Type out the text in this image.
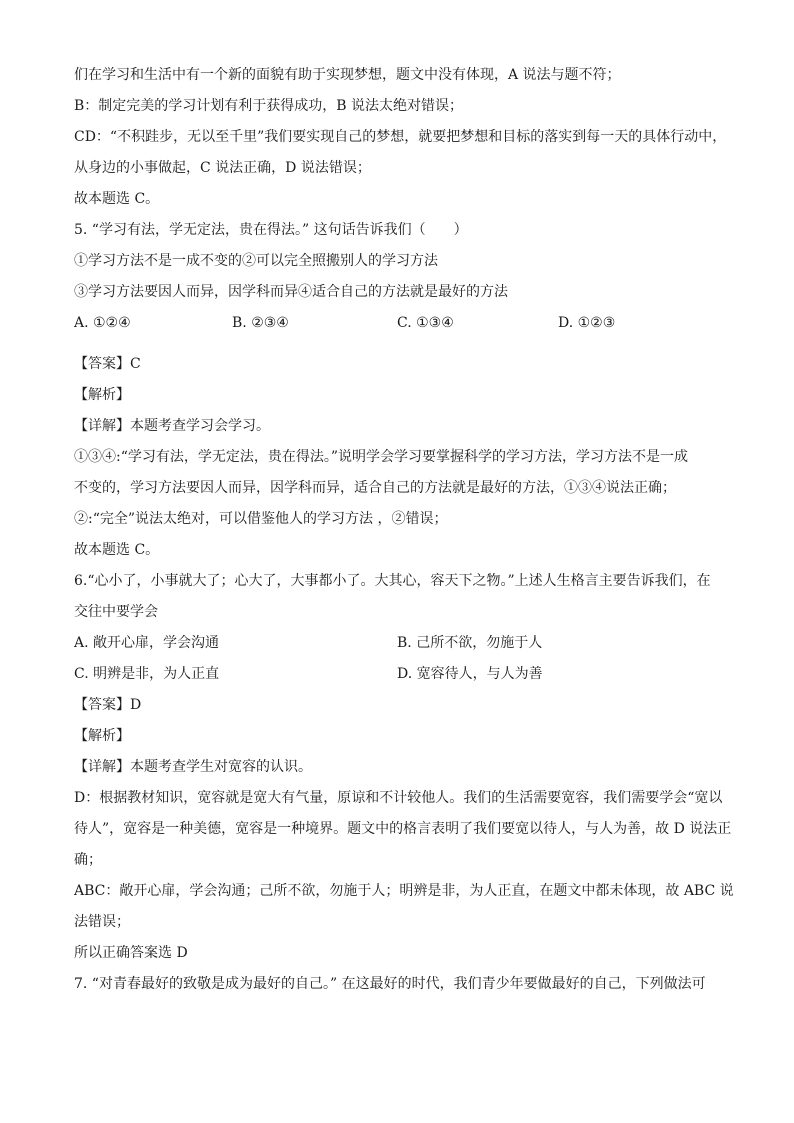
们在学习和生活中有一个新的面貌有助于实现梦想，题文中没有体现，A 说法与题不符；
B：制定完美的学习计划有利于获得成功，B 说法太绝对错误；
CD：“不积跬步，无以至千里”我们要实现自己的梦想，就要把梦想和目标的落实到每一天的具体行动中，
从身边的小事做起，C 说法正确，D 说法错误；
故本题选 C。
5. “学习有法，学无定法，贵在得法。” 这句话告诉我们（　　）
①学习方法不是一成不变的②可以完全照搬别人的学习方法
③学习方法要因人而异，因学科而异④适合自己的方法就是最好的方法
A. ①②④	B. ②③④	C. ①③④	D. ①②③
【答案】C
【解析】
【详解】本题考查学习会学习。
①③④:“学习有法，学无定法，贵在得法。”说明学会学习要掌握科学的学习方法，学习方法不是一成
不变的，学习方法要因人而异，因学科而异，适合自己的方法就是最好的方法，①③④说法正确；
②:“完全”说法太绝对，可以借鉴他人的学习方法 ，②错误；
故本题选 C。
6.“心小了，小事就大了；心大了，大事都小了。大其心，容天下之物。”上述人生格言主要告诉我们，在
交往中要学会
A. 敞开心扉，学会沟通	B. 己所不欲，勿施于人
C. 明辨是非，为人正直	D. 宽容待人，与人为善
【答案】D
【解析】
【详解】本题考查学生对宽容的认识。
D：根据教材知识，宽容就是宽大有气量，原谅和不计较他人。我们的生活需要宽容，我们需要学会“宽以
待人”，宽容是一种美德，宽容是一种境界。题文中的格言表明了我们要宽以待人，与人为善，故 D 说法正
确；
ABC：敞开心扉，学会沟通；己所不欲，勿施于人；明辨是非，为人正直，在题文中都未体现，故 ABC 说
法错误；
所以正确答案选 D
7. “对青春最好的致敬是成为最好的自己。” 在这最好的时代，我们青少年要做最好的自己，下列做法可
